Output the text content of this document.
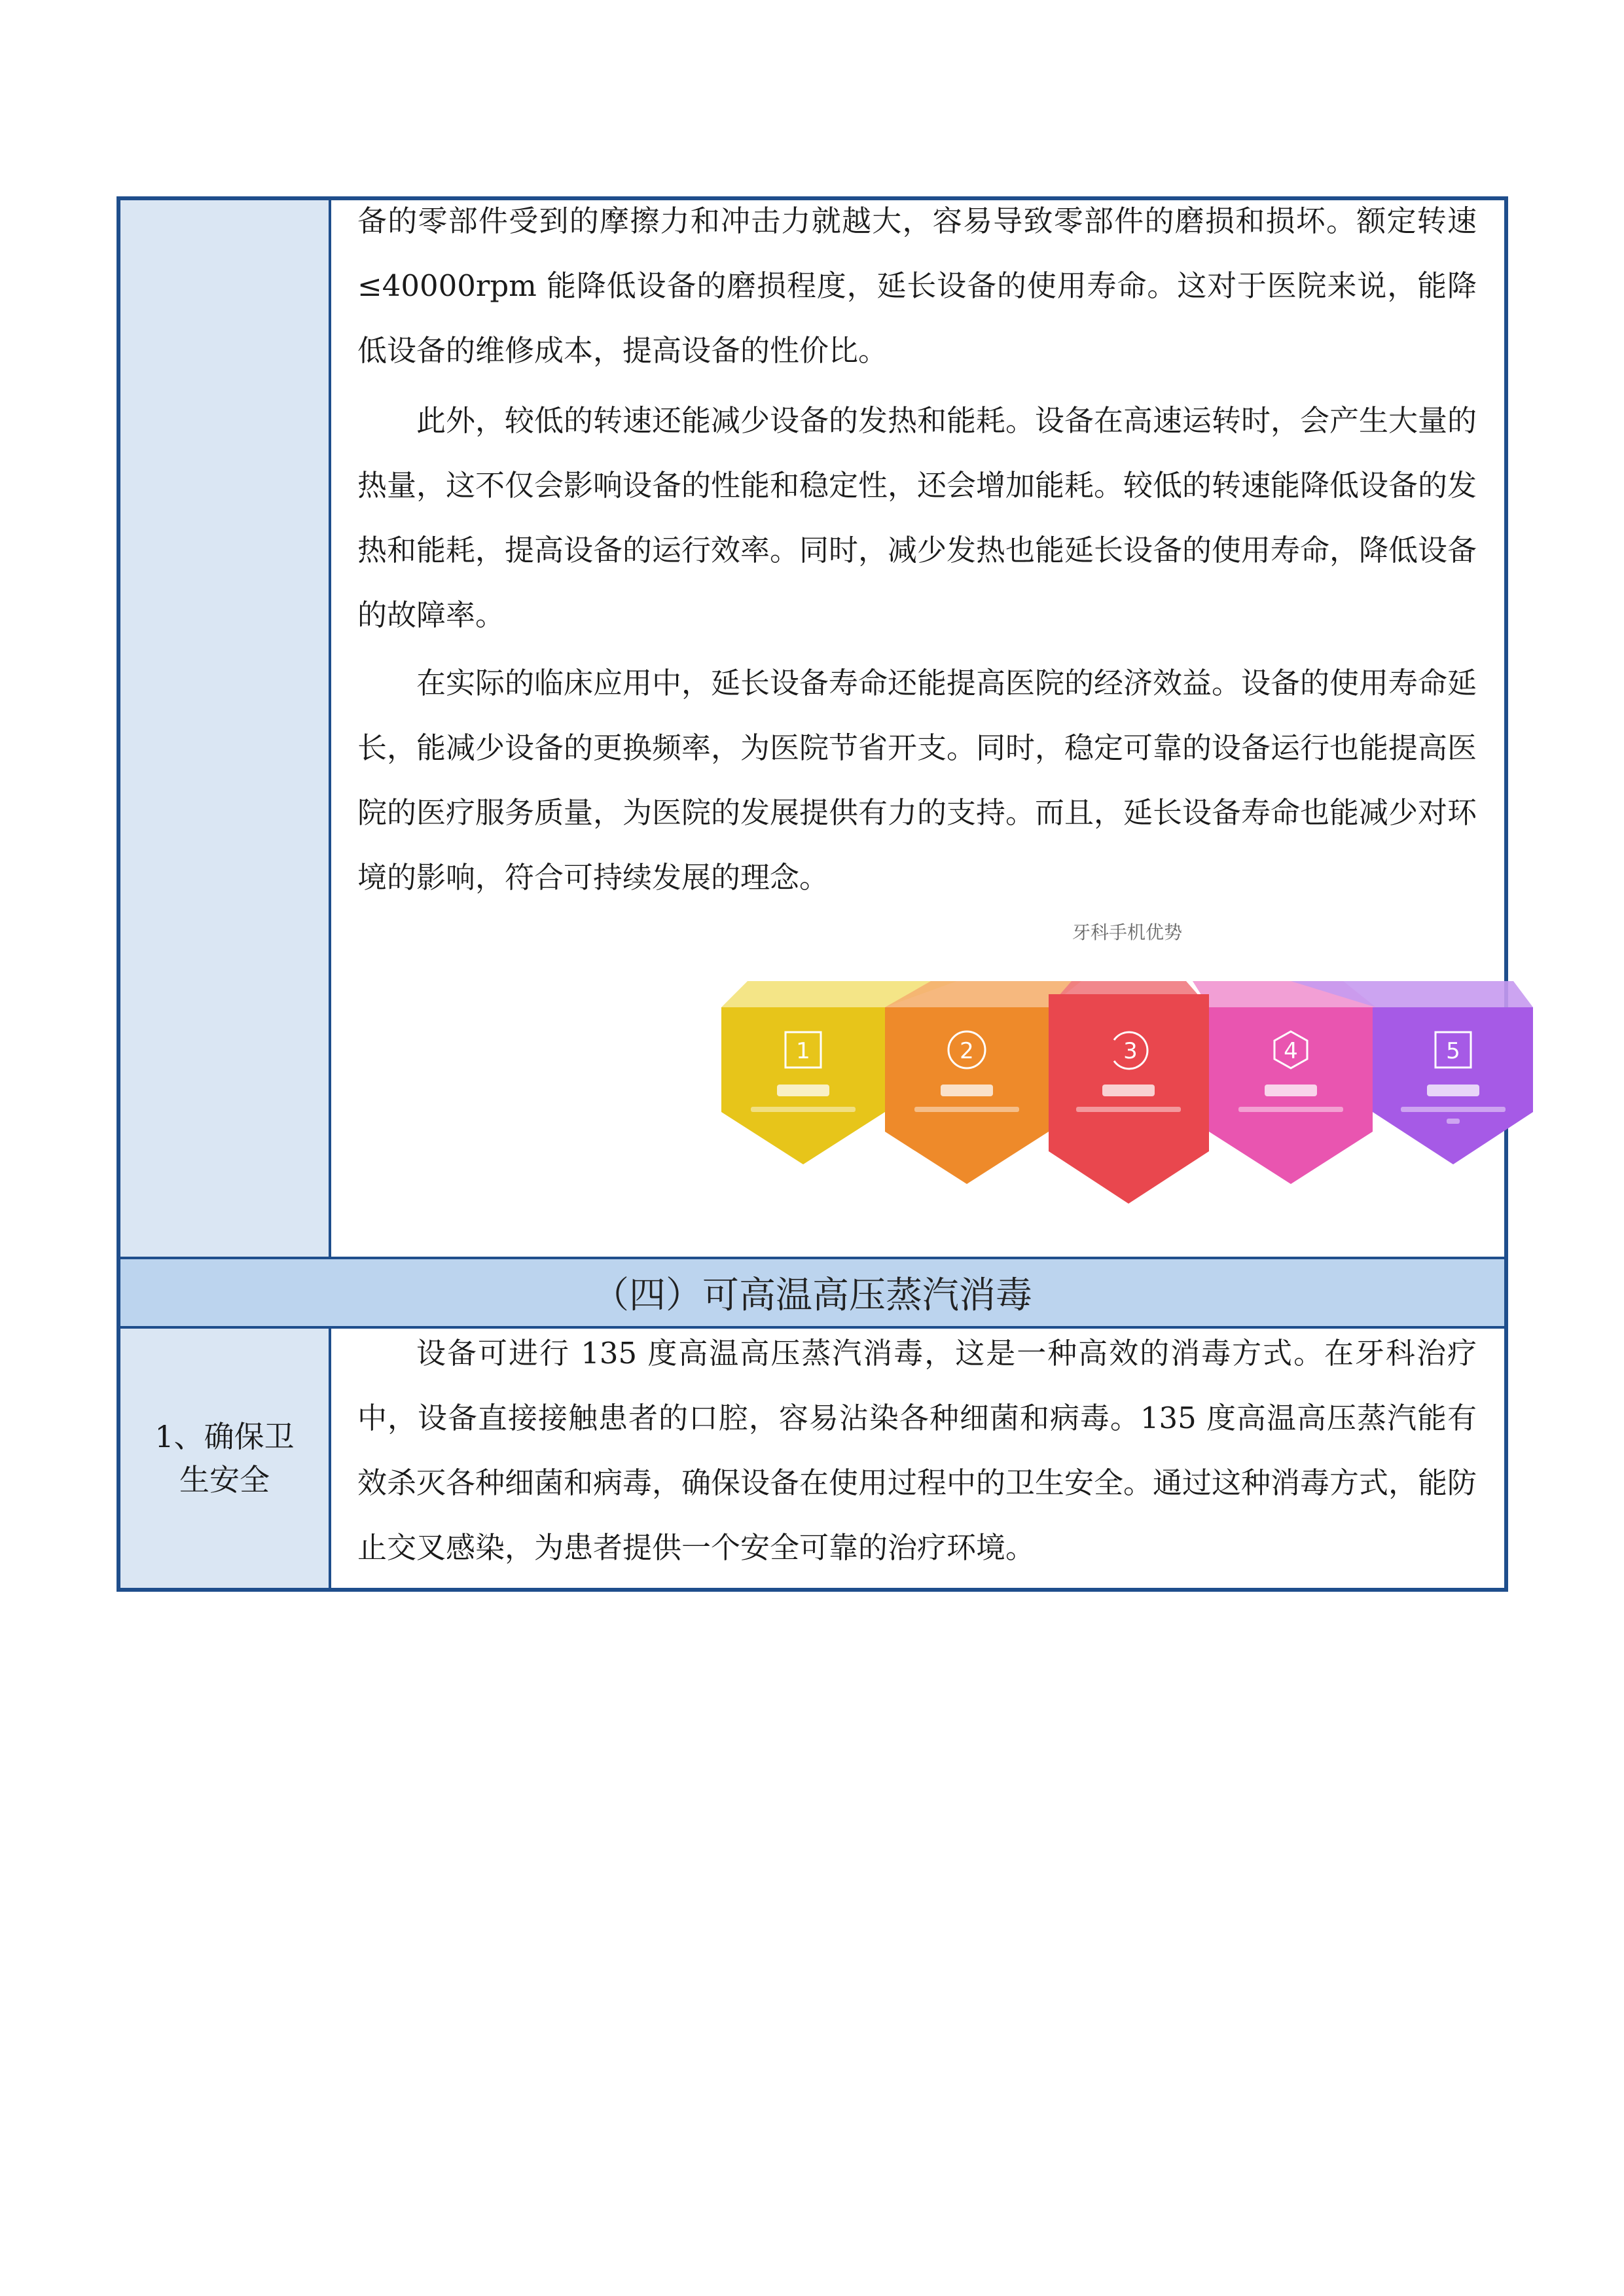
备的零部件受到的摩擦力和冲击力就越大，容易导致零部件的磨损和损坏。额定转速≤40000rpm 能降低设备的磨损程度，延长设备的使用寿命。这对于医院来说，能降低设备的维修成本，提高设备的性价比。

此外，较低的转速还能减少设备的发热和能耗。设备在高速运转时，会产生大量的热量，这不仅会影响设备的性能和稳定性，还会增加能耗。较低的转速能降低设备的发热和能耗，提高设备的运行效率。同时，减少发热也能延长设备的使用寿命，降低设备的故障率。

在实际的临床应用中，延长设备寿命还能提高医院的经济效益。设备的使用寿命延长，能减少设备的更换频率，为医院节省开支。同时，稳定可靠的设备运行也能提高医院的医疗服务质量，为医院的发展提供有力的支持。而且，延长设备寿命也能减少对环境的影响，符合可持续发展的理念。

牙科手机优势
1	2	3	4	5
（四）可高温高压蒸汽消毒
1、确保卫生安全

设备可进行 135 度高温高压蒸汽消毒，这是一种高效的消毒方式。在牙科治疗中，设备直接接触患者的口腔，容易沾染各种细菌和病毒。135 度高温高压蒸汽能有效杀灭各种细菌和病毒，确保设备在使用过程中的卫生安全。通过这种消毒方式，能防止交叉感染，为患者提供一个安全可靠的治疗环境。
